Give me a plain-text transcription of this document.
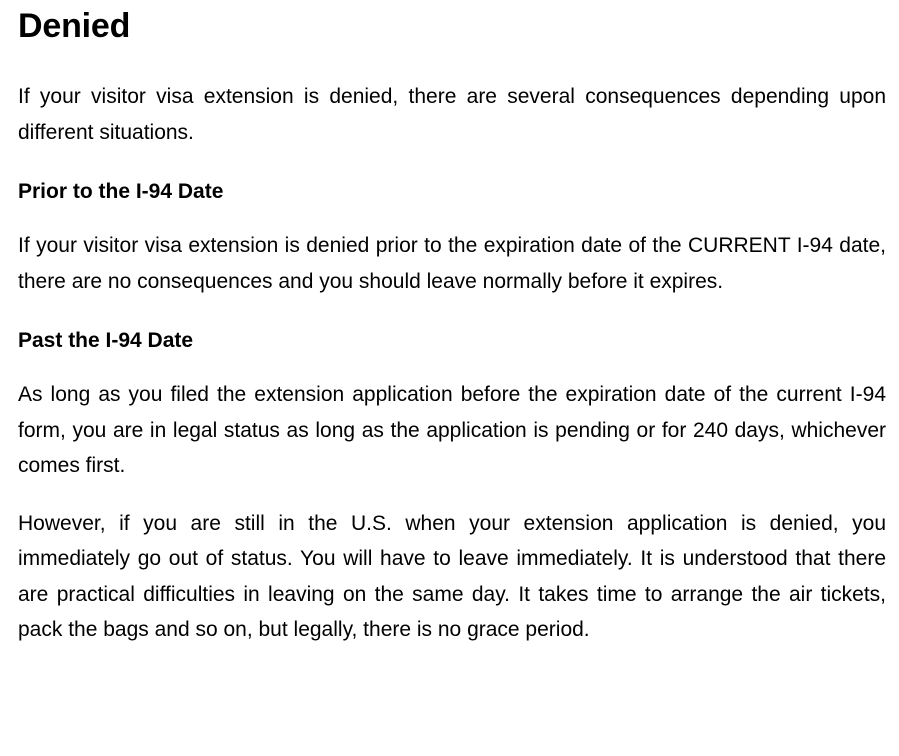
Denied

If your visitor visa extension is denied, there are several consequences depending upon different situations.

Prior to the I-94 Date

If your visitor visa extension is denied prior to the expiration date of the CURRENT I-94 date, there are no consequences and you should leave normally before it expires.

Past the I-94 Date

As long as you filed the extension application before the expiration date of the current I-94 form, you are in legal status as long as the application is pending or for 240 days, whichever comes first.

However, if you are still in the U.S. when your extension application is denied, you immediately go out of status. You will have to leave immediately. It is understood that there are practical difficulties in leaving on the same day. It takes time to arrange the air tickets, pack the bags and so on, but legally, there is no grace period.
